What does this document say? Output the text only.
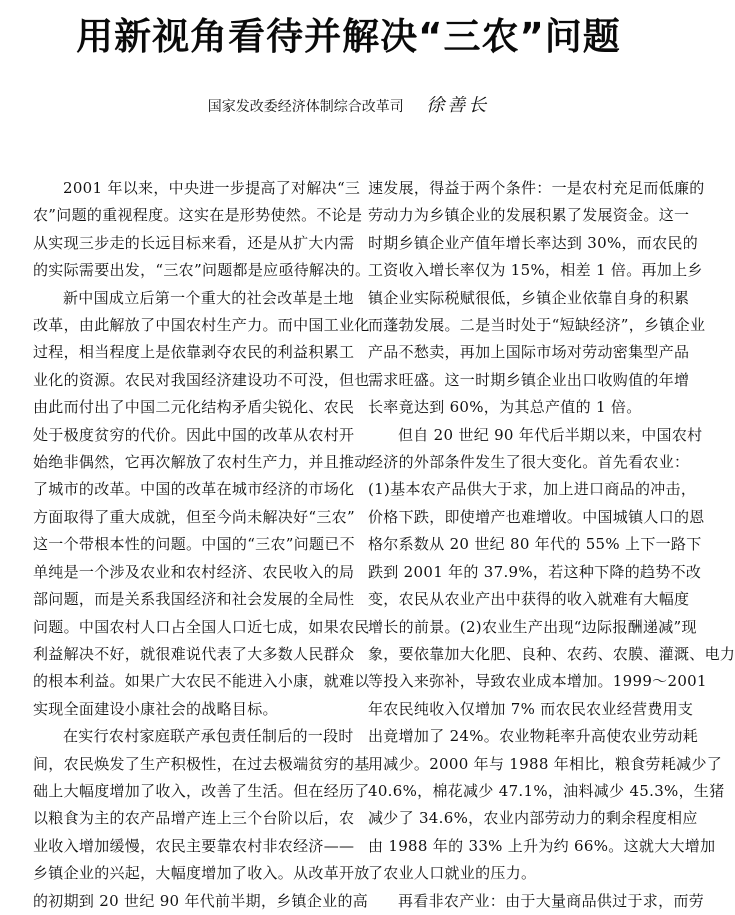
用新视角看待并解决“三农”问题
国家发改委经济体制综合改革司 徐善长

2001 年以来，中央进一步提高了对解决“三
农”问题的重视程度。这实在是形势使然。不论是
从实现三步走的长远目标来看，还是从扩大内需
的实际需要出发，“三农”问题都是应亟待解决的。

新中国成立后第一个重大的社会改革是土地
改革，由此解放了中国农村生产力。而中国工业化
过程，相当程度上是依靠剥夺农民的利益积累工
业化的资源。农民对我国经济建设功不可没，但也
由此而付出了中国二元化结构矛盾尖锐化、农民
处于极度贫穷的代价。因此中国的改革从农村开
始绝非偶然，它再次解放了农村生产力，并且推动
了城市的改革。中国的改革在城市经济的市场化
方面取得了重大成就，但至今尚未解决好“三农”
这一个带根本性的问题。中国的“三农”问题已不
单纯是一个涉及农业和农村经济、农民收入的局
部问题，而是关系我国经济和社会发展的全局性
问题。中国农村人口占全国人口近七成，如果农民
利益解决不好，就很难说代表了大多数人民群众
的根本利益。如果广大农民不能进入小康，就难以
实现全面建设小康社会的战略目标。

在实行农村家庭联产承包责任制后的一段时
间，农民焕发了生产积极性，在过去极端贫穷的基
础上大幅度增加了收入，改善了生活。但在经历了
以粮食为主的农产品增产连上三个台阶以后，农
业收入增加缓慢，农民主要靠农村非农经济——
乡镇企业的兴起，大幅度增加了收入。从改革开放
的初期到 20 世纪 90 年代前半期，乡镇企业的高

速发展，得益于两个条件：一是农村充足而低廉的
劳动力为乡镇企业的发展积累了发展资金。这一
时期乡镇企业产值年增长率达到 30%，而农民的
工资收入增长率仅为 15%，相差 1 倍。再加上乡
镇企业实际税赋很低，乡镇企业依靠自身的积累
而蓬勃发展。二是当时处于“短缺经济”，乡镇企业
产品不愁卖，再加上国际市场对劳动密集型产品
需求旺盛。这一时期乡镇企业出口收购值的年增
长率竟达到 60%，为其总产值的 1 倍。

但自 20 世纪 90 年代后半期以来，中国农村
经济的外部条件发生了很大变化。首先看农业：
(1)基本农产品供大于求，加上进口商品的冲击，
价格下跌，即使增产也难增收。中国城镇人口的恩
格尔系数从 20 世纪 80 年代的 55% 上下一路下
跌到 2001 年的 37.9%，若这种下降的趋势不改
变，农民从农业产出中获得的收入就难有大幅度
增长的前景。(2)农业生产出现“边际报酬递减”现
象，要依靠加大化肥、良种、农药、农膜、灌溉、电力
等投入来弥补，导致农业成本增加。1999～2001
年农民纯收入仅增加 7% 而农民农业经营费用支
出竟增加了 24%。农业物耗率升高使农业劳动耗
用减少。2000 年与 1988 年相比，粮食劳耗减少了
40.6%，棉花减少 47.1%，油料减少 45.3%，生猪
减少了 34.6%，农业内部劳动力的剩余程度相应
由 1988 年的 33% 上升为约 66%。这就大大增加
了农业人口就业的压力。

再看非农产业：由于大量商品供过于求，而劳
